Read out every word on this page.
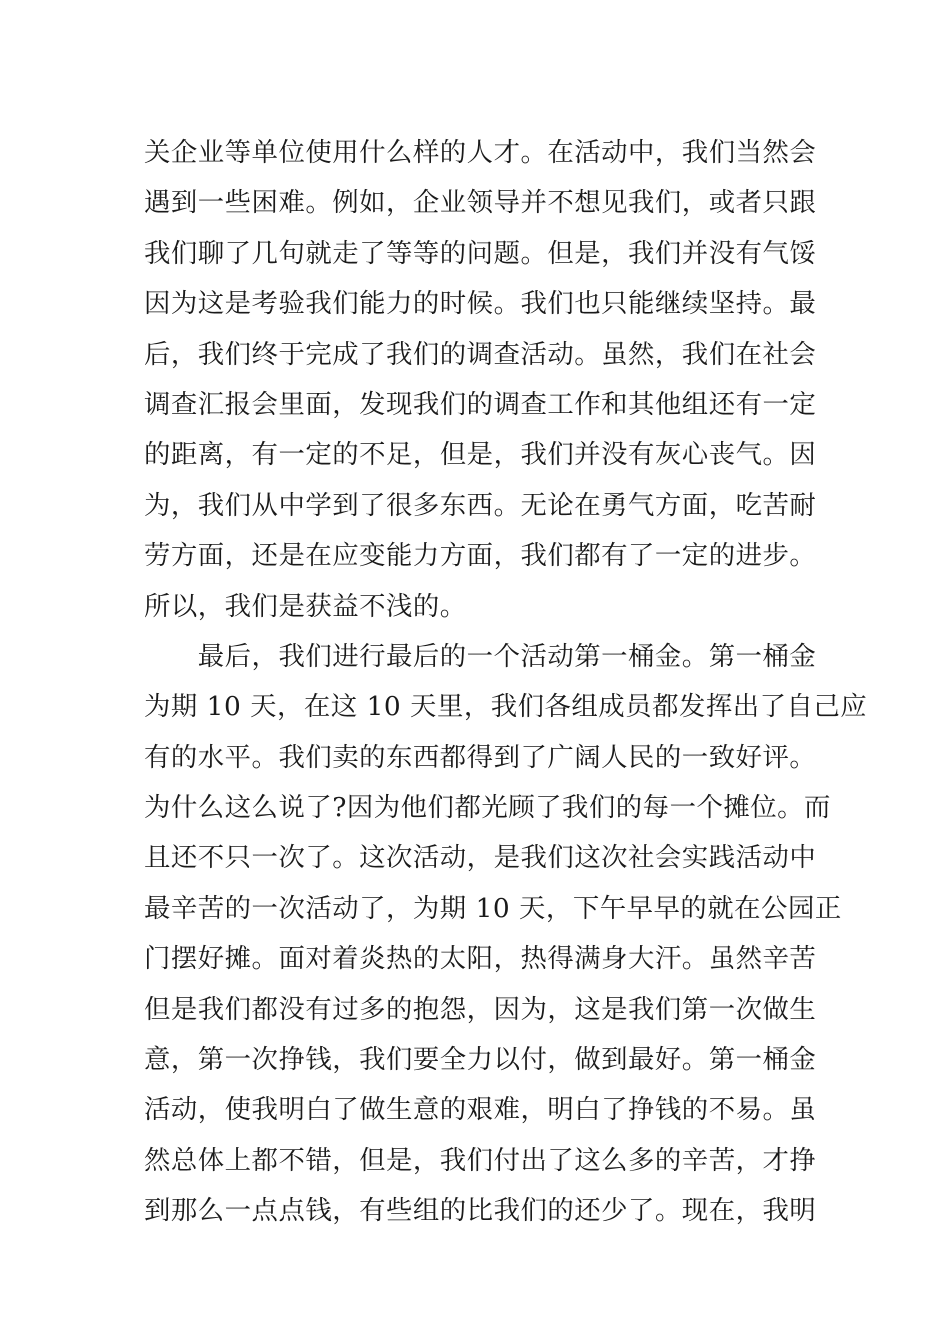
关企业等单位使用什么样的人才。在活动中，我们当然会
遇到一些困难。例如，企业领导并不想见我们，或者只跟
我们聊了几句就走了等等的问题。但是，我们并没有气馁
因为这是考验我们能力的时候。我们也只能继续坚持。最
后，我们终于完成了我们的调查活动。虽然，我们在社会
调查汇报会里面，发现我们的调查工作和其他组还有一定
的距离，有一定的不足，但是，我们并没有灰心丧气。因
为，我们从中学到了很多东西。无论在勇气方面，吃苦耐
劳方面，还是在应变能力方面，我们都有了一定的进步。
所以，我们是获益不浅的。
　　最后，我们进行最后的一个活动第一桶金。第一桶金
为期 10 天，在这 10 天里，我们各组成员都发挥出了自己应
有的水平。我们卖的东西都得到了广阔人民的一致好评。
为什么这么说了?因为他们都光顾了我们的每一个摊位。而
且还不只一次了。这次活动，是我们这次社会实践活动中
最辛苦的一次活动了，为期 10 天，下午早早的就在公园正
门摆好摊。面对着炎热的太阳，热得满身大汗。虽然辛苦
但是我们都没有过多的抱怨，因为，这是我们第一次做生
意，第一次挣钱，我们要全力以付，做到最好。第一桶金
活动，使我明白了做生意的艰难，明白了挣钱的不易。虽
然总体上都不错，但是，我们付出了这么多的辛苦，才挣
到那么一点点钱，有些组的比我们的还少了。现在，我明
